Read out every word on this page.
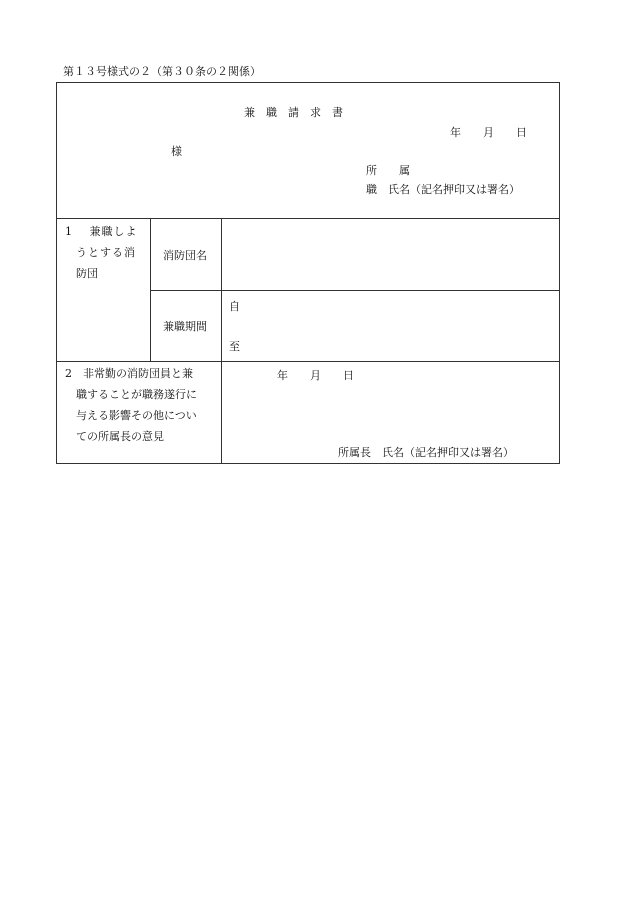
第１３号様式の２（第３０条の２関係）
兼　職　請　求　書
年　　月　　日
様
所　　属
職　氏名（記名押印又は署名）
1　 兼職しよ
うとする消
防団
消防団名
兼職期間
自
至
2　非常勤の消防団員と兼
職することが職務遂行に
与える影響その他につい
ての所属長の意見
年　　月　　日
所属長　氏名（記名押印又は署名）
